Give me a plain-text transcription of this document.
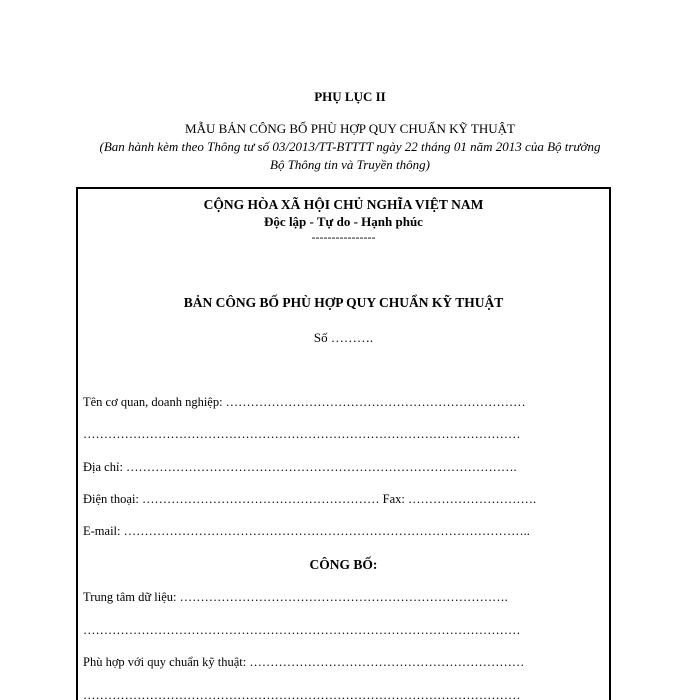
PHỤ LỤC II
MẪU BẢN CÔNG BỐ PHÙ HỢP QUY CHUẨN KỸ THUẬT
(Ban hành kèm theo Thông tư số 03/2013/TT-BTTTT ngày 22 tháng 01 năm 2013 của Bộ trưởng
Bộ Thông tin và Truyền thông)
CỘNG HÒA XÃ HỘI CHỦ NGHĨA VIỆT NAM
Độc lập - Tự do - Hạnh phúc
----------------
BẢN CÔNG BỐ PHÙ HỢP QUY CHUẨN KỸ THUẬT
Số ……….
Tên cơ quan, doanh nghiệp: ………………………………………………………………
……………………………………………………………………………………………
Địa chỉ: ………………………………………………………………………………….
Điện thoại: ………………………………………………… Fax: ………………………….
E-mail: ……………………………………………………………………………………..
CÔNG BỐ:
Trung tâm dữ liệu: …………………………………………………………………….
……………………………………………………………………………………………
Phù hợp với quy chuẩn kỹ thuật: …………………………………………………………
……………………………………………………………………………………………
